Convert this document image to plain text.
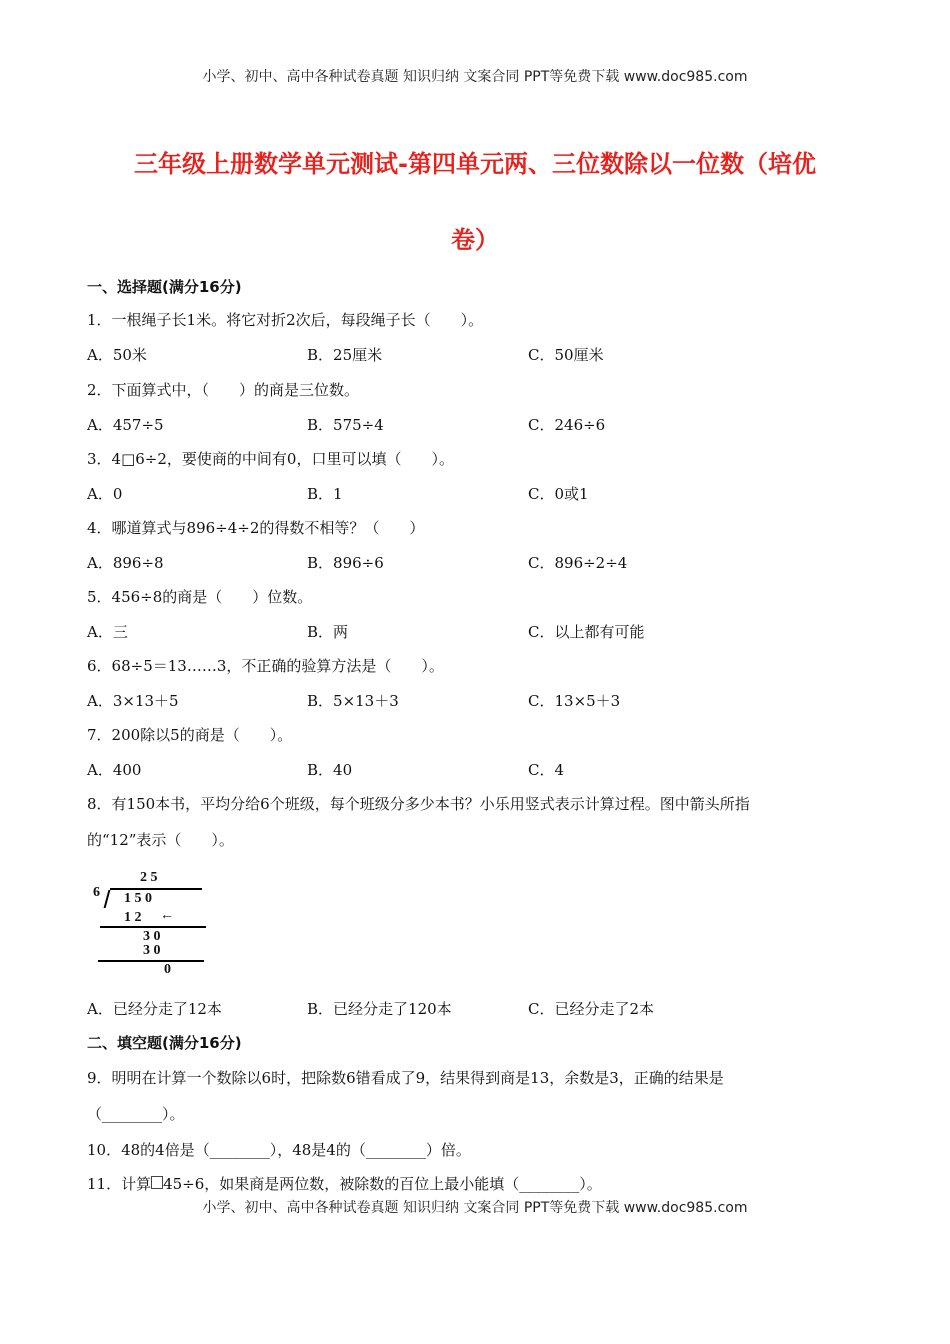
小学、初中、高中各种试卷真题 知识归纳 文案合同 PPT等免费下载 www.doc985.com
三年级上册数学单元测试-第四单元两、三位数除以一位数（培优
卷）
一、选择题(满分16分)
1．一根绳子长1米。将它对折2次后，每段绳子长（　　）。
A．50米	B．25厘米	C．50厘米
2．下面算式中，（　　）的商是三位数。
A．457÷5	B．575÷4	C．246÷6
3．4□6÷2，要使商的中间有0，口里可以填（　　）。
A．0	B．1	C．0或1
4．哪道算式与896÷4÷2的得数不相等？（　　）
A．896÷8	B．896÷6	C．896÷2÷4
5．456÷8的商是（　　）位数。
A．三	B．两	C．以上都有可能
6．68÷5＝13……3，不正确的验算方法是（　　）。
A．3×13＋5	B．5×13＋3	C．13×5＋3
7．200除以5的商是（　　）。
A．400	B．40	C．4
8．有150本书，平均分给6个班级，每个班级分多少本书？小乐用竖式表示计算过程。图中箭头所指
的“12”表示（　　）。
A．已经分走了12本	B．已经分走了120本	C．已经分走了2本
2 5
6 1 5 0
1 2 ←
3 0
3 0
0
二、填空题(满分16分)
9．明明在计算一个数除以6时，把除数6错看成了9，结果得到商是13，余数是3，正确的结果是
（________）。
10．48的4倍是（________），48是4的（________）倍。
11．计算 45÷6，如果商是两位数，被除数的百位上最小能填（________）。
小学、初中、高中各种试卷真题 知识归纳 文案合同 PPT等免费下载 www.doc985.com
